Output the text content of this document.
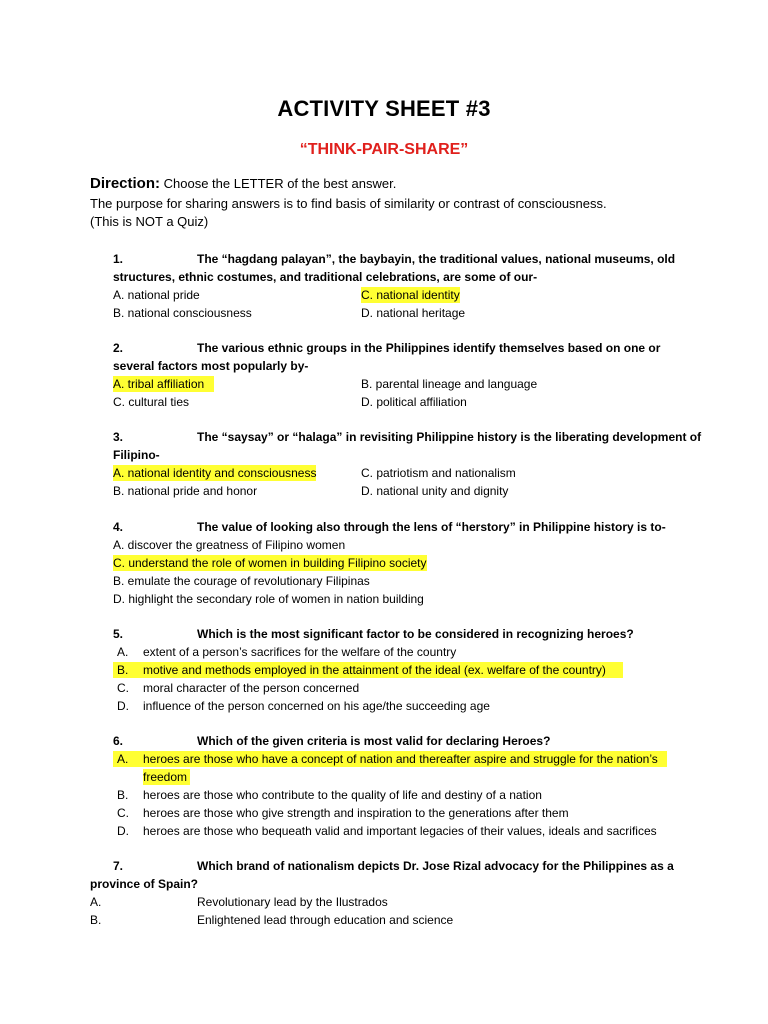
ACTIVITY SHEET #3
“THINK-PAIR-SHARE”
Direction: Choose the LETTER of the best answer.
The purpose for sharing answers is to find basis of similarity or contrast of consciousness.
(This is NOT a Quiz)
1.	The “hagdang palayan”, the baybayin, the traditional values, national museums, old
structures, ethnic costumes, and traditional celebrations, are some of our-
A. national pride	C. national identity
B. national consciousness	D. national heritage
2.	The various ethnic groups in the Philippines identify themselves based on one or
several factors most popularly by-
A. tribal affiliation	B. parental lineage and language
C. cultural ties	D. political affiliation
3.	The “saysay” or “halaga” in revisiting Philippine history is the liberating development of
Filipino-
A. national identity and consciousness	C. patriotism and nationalism
B. national pride and honor	D. national unity and dignity
4.	The value of looking also through the lens of “herstory” in Philippine history is to-
A. discover the greatness of Filipino women
C. understand the role of women in building Filipino society
B. emulate the courage of revolutionary Filipinas
D. highlight the secondary role of women in nation building
5.	Which is the most significant factor to be considered in recognizing heroes?
A. extent of a person’s sacrifices for the welfare of the country
B. motive and methods employed in the attainment of the ideal (ex. welfare of the country)
C. moral character of the person concerned
D. influence of the person concerned on his age/the succeeding age
6.	Which of the given criteria is most valid for declaring Heroes?
A. heroes are those who have a concept of nation and thereafter aspire and struggle for the nation’s
freedom
B. heroes are those who contribute to the quality of life and destiny of a nation
C. heroes are those who give strength and inspiration to the generations after them
D. heroes are those who bequeath valid and important legacies of their values, ideals and sacrifices
7.	Which brand of nationalism depicts Dr. Jose Rizal advocacy for the Philippines as a
province of Spain?
A.	Revolutionary lead by the Ilustrados
B.	Enlightened lead through education and science
